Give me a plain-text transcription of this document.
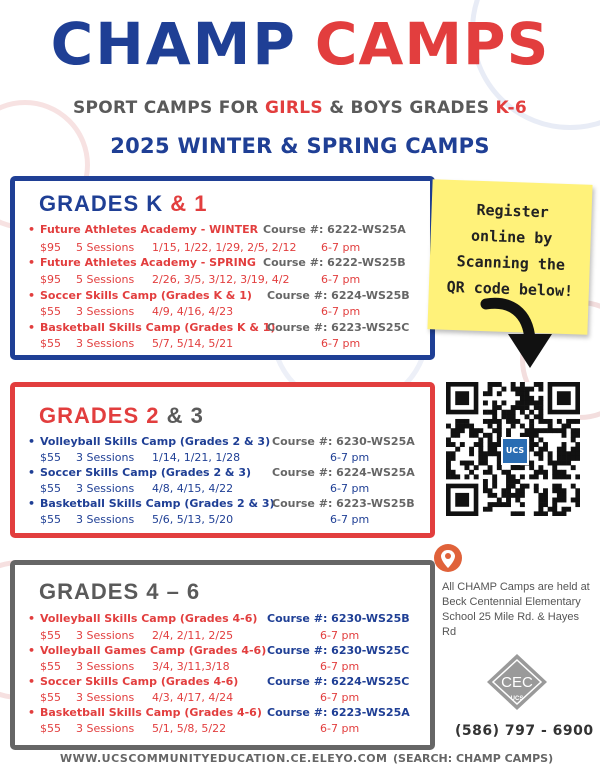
CHAMP CAMPS
SPORT CAMPS FOR GIRLS & BOYS GRADES K-6
2025 WINTER & SPRING CAMPS
GRADES K & 1
• Future Athletes Academy - WINTER Course #: 6222-WS25A
$95 5 Sessions 1/15, 1/22, 1/29, 2/5, 2/12 6-7 pm
• Future Athletes Academy - SPRING Course #: 6222-WS25B
$95 5 Sessions 2/26, 3/5, 3/12, 3/19, 4/2	6-7 pm
• Soccer Skills Camp (Grades K & 1) Course #: 6224-WS25B
$55 3 Sessions 4/9, 4/16, 4/23	6-7 pm
• Basketball Skills Camp (Grades K & 1)
Course #: 6223-WS25C
$55 3 Sessions 5/7, 5/14, 5/21	6-7 pm
GRADES 2 & 3
• Volleyball Skills Camp (Grades 2 & 3) Course #: 6230-WS25A
$55 3 Sessions 1/14, 1/21, 1/28	6-7 pm
• Soccer Skills Camp (Grades 2 & 3) Course #: 6224-WS25A
$55 3 Sessions 4/8, 4/15, 4/22	6-7 pm
• Basketball Skills Camp (Grades 2 & 3)
Course #: 6223-WS25B
$55 3 Sessions 5/6, 5/13, 5/20	6-7 pm
GRADES 4 – 6
• Volleyball Skills Camp (Grades 4-6) Course #: 6230-WS25B
$55 3 Sessions 2/4, 2/11, 2/25	6-7 pm
• Volleyball Games Camp (Grades 4-6) Course #: 6230-WS25C
$55 3 Sessions 3/4, 3/11,3/18	6-7 pm
• Soccer Skills Camp (Grades 4-6)	Course #: 6224-WS25C
$55 3 Sessions 4/3, 4/17, 4/24	6-7 pm
• Basketball Skills Camp (Grades 4-6) Course #: 6223-WS25A
$55 3 Sessions 5/1, 5/8, 5/22	6-7 pm
Register
online by
Scanning the
QR code below!
UCS
All CHAMP Camps are held at Beck Centennial Elementary School 25 Mile Rd. & Hayes Rd
CEC
UCS
(586) 797 - 6900
WWW.UCSCOMMUNITYEDUCATION.CE.ELEYO.COM (SEARCH: CHAMP CAMPS)
